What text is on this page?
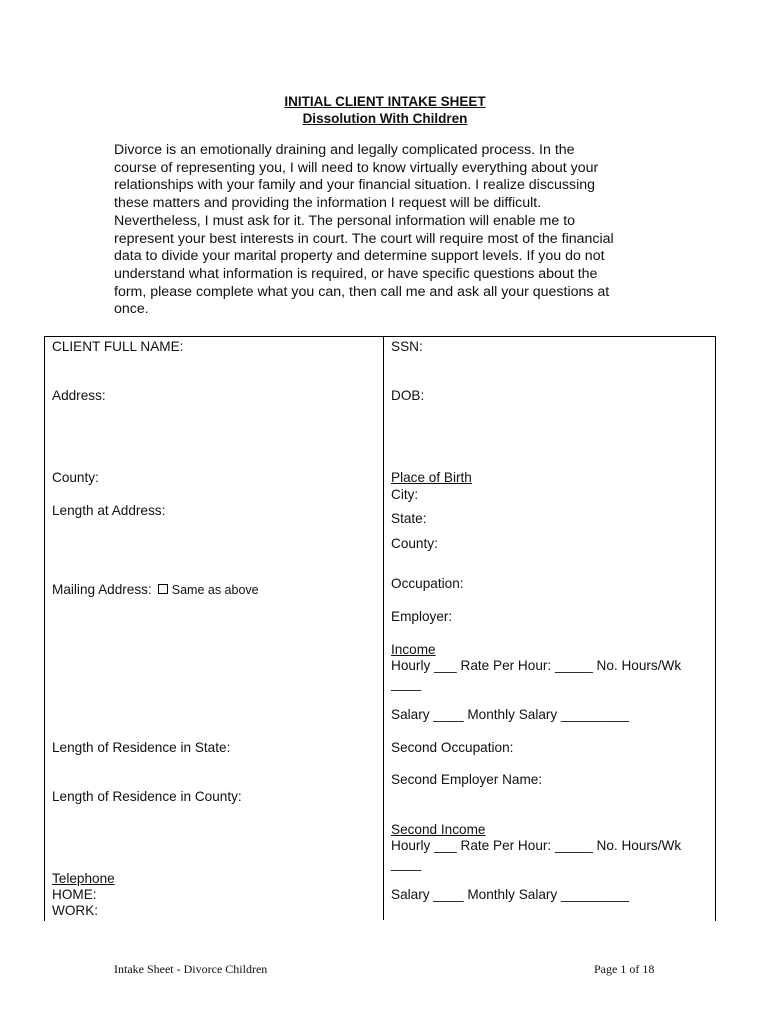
INITIAL CLIENT INTAKE SHEET
Dissolution With Children
Divorce is an emotionally draining and legally complicated process. In the
course of representing you, I will need to know virtually everything about your
relationships with your family and your financial situation. I realize discussing
these matters and providing the information I request will be difficult.
Nevertheless, I must ask for it. The personal information will enable me to
represent your best interests in court. The court will require most of the financial
data to divide your marital property and determine support levels. If you do not
understand what information is required, or have specific questions about the
form, please complete what you can, then call me and ask all your questions at
once.
CLIENT FULL NAME:
Address:
County:
Length at Address:
Mailing Address: Same as above
Length of Residence in State:
Length of Residence in County:
Telephone
HOME:
WORK:
SSN:
DOB:
Place of Birth
City:
State:
County:
Occupation:
Employer:
Income
Hourly ___ Rate Per Hour: _____ No. Hours/Wk
____
Salary ____ Monthly Salary _________
Second Occupation:
Second Employer Name:
Second Income
Hourly ___ Rate Per Hour: _____ No. Hours/Wk
____
Salary ____ Monthly Salary _________
Intake Sheet - Divorce Children	Page 1 of 18
